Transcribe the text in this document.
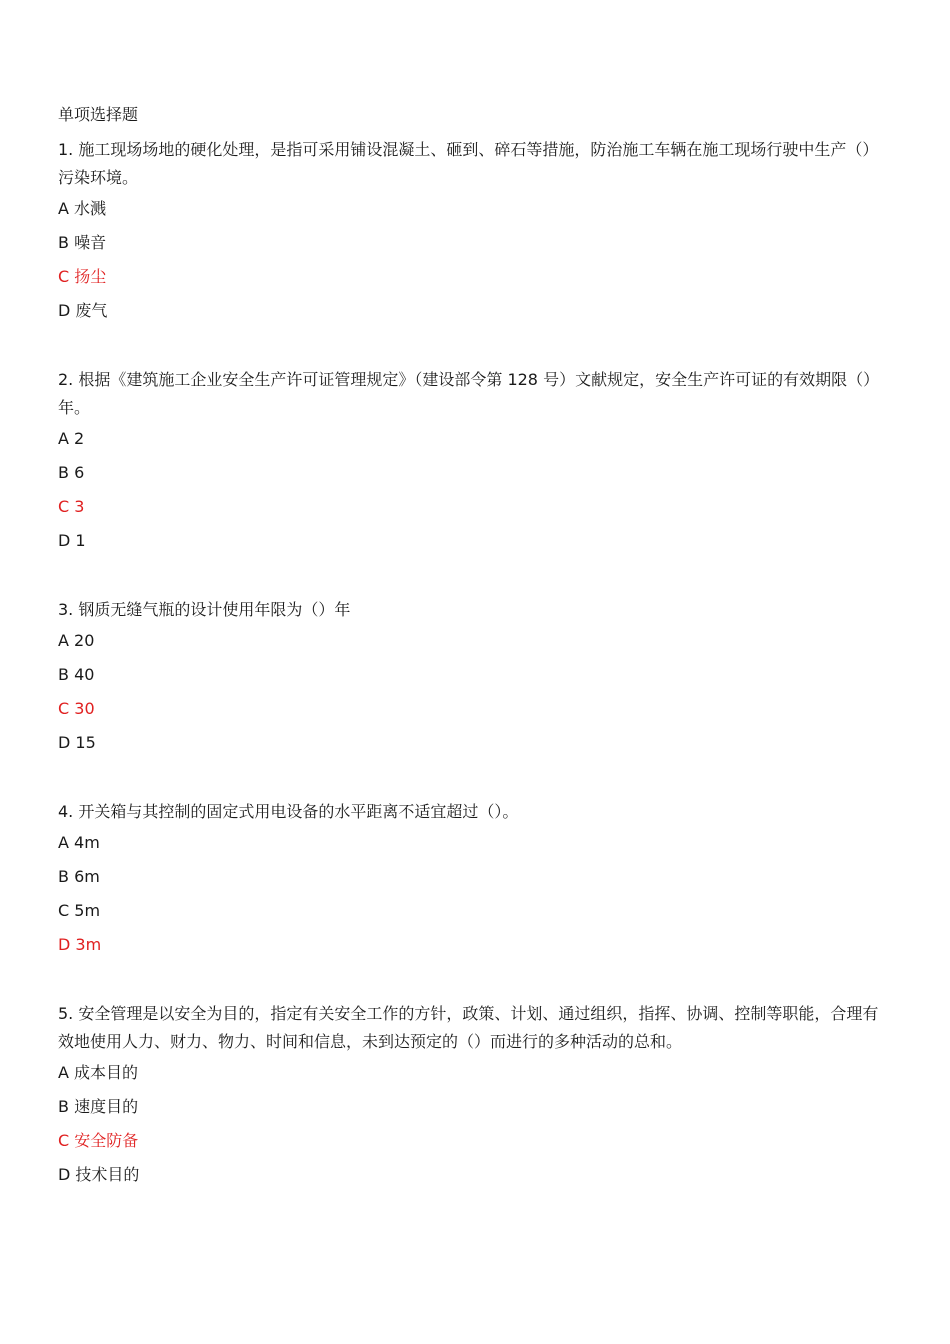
单项选择题
1. 施工现场场地的硬化处理，是指可采用铺设混凝土、砸到、碎石等措施，防治施工车辆在施工现场行驶中生产（）污染环境。
A 水溅
B 噪音
C 扬尘
D 废气
2. 根据《建筑施工企业安全生产许可证管理规定》（建设部令第 128 号）文献规定，安全生产许可证的有效期限（）年。
A 2
B 6
C 3
D 1
3. 钢质无缝气瓶的设计使用年限为（）年
A 20
B 40
C 30
D 15
4. 开关箱与其控制的固定式用电设备的水平距离不适宜超过（）。
A 4m
B 6m
C 5m
D 3m
5. 安全管理是以安全为目的，指定有关安全工作的方针，政策、计划、通过组织，指挥、协调、控制等职能，合理有效地使用人力、财力、物力、时间和信息，未到达预定的（）而进行的多种活动的总和。
A 成本目的
B 速度目的
C 安全防备
D 技术目的
